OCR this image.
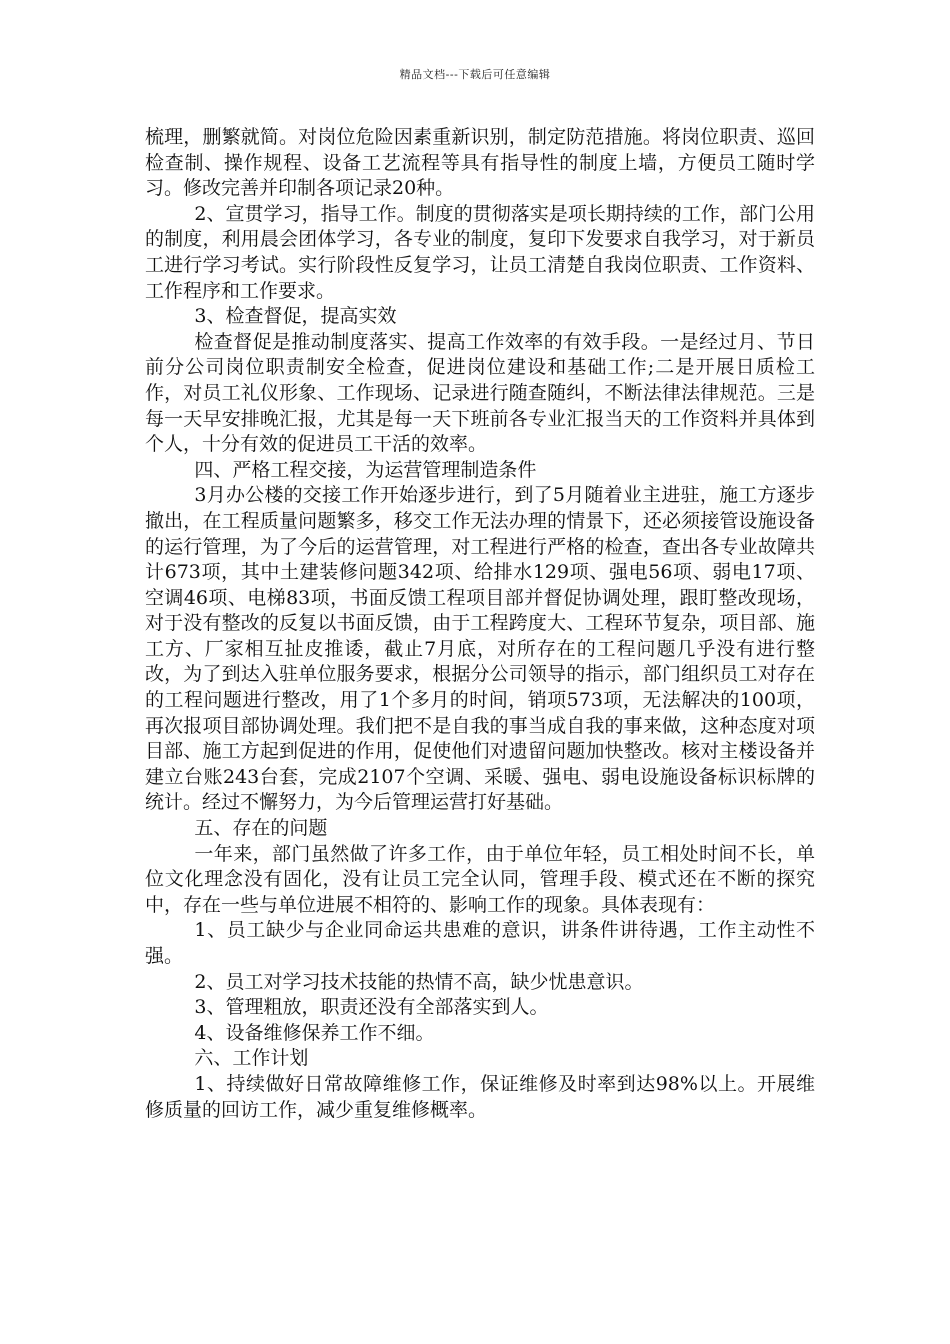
精品文档---下载后可任意编辑

梳理，删繁就简。对岗位危险因素重新识别，制定防范措施。将岗位职责、巡回检查制、操作规程、设备工艺流程等具有指导性的制度上墙，方便员工随时学习。修改完善并印制各项记录20种。

2、宣贯学习，指导工作。制度的贯彻落实是项长期持续的工作，部门公用的制度，利用晨会团体学习，各专业的制度，复印下发要求自我学习，对于新员工进行学习考试。实行阶段性反复学习，让员工清楚自我岗位职责、工作资料、工作程序和工作要求。

3、检查督促，提高实效

检查督促是推动制度落实、提高工作效率的有效手段。一是经过月、节日前分公司岗位职责制安全检查，促进岗位建设和基础工作;二是开展日质检工作，对员工礼仪形象、工作现场、记录进行随查随纠，不断法律法律规范。三是每一天早安排晚汇报，尤其是每一天下班前各专业汇报当天的工作资料并具体到个人，十分有效的促进员工干活的效率。

四、严格工程交接，为运营管理制造条件

3月办公楼的交接工作开始逐步进行，到了5月随着业主进驻，施工方逐步撤出，在工程质量问题繁多，移交工作无法办理的情景下，还必须接管设施设备的运行管理，为了今后的运营管理，对工程进行严格的检查，查出各专业故障共计673项，其中土建装修问题342项、给排水129项、强电56项、弱电17项、空调46项、电梯83项，书面反馈工程项目部并督促协调处理，跟盯整改现场，对于没有整改的反复以书面反馈，由于工程跨度大、工程环节复杂，项目部、施工方、厂家相互扯皮推诿，截止7月底，对所存在的工程问题几乎没有进行整改，为了到达入驻单位服务要求，根据分公司领导的指示，部门组织员工对存在的工程问题进行整改，用了1个多月的时间，销项573项，无法解决的100项，再次报项目部协调处理。我们把不是自我的事当成自我的事来做，这种态度对项目部、施工方起到促进的作用，促使他们对遗留问题加快整改。核对主楼设备并建立台账243台套，完成2107个空调、采暖、强电、弱电设施设备标识标牌的统计。经过不懈努力，为今后管理运营打好基础。

五、存在的问题

一年来，部门虽然做了许多工作，由于单位年轻，员工相处时间不长，单位文化理念没有固化，没有让员工完全认同，管理手段、模式还在不断的探究中，存在一些与单位进展不相符的、影响工作的现象。具体表现有：

1、员工缺少与企业同命运共患难的意识，讲条件讲待遇，工作主动性不强。

2、员工对学习技术技能的热情不高，缺少忧患意识。

3、管理粗放，职责还没有全部落实到人。

4、设备维修保养工作不细。

六、工作计划

1、持续做好日常故障维修工作，保证维修及时率到达98%以上。开展维修质量的回访工作，减少重复维修概率。
